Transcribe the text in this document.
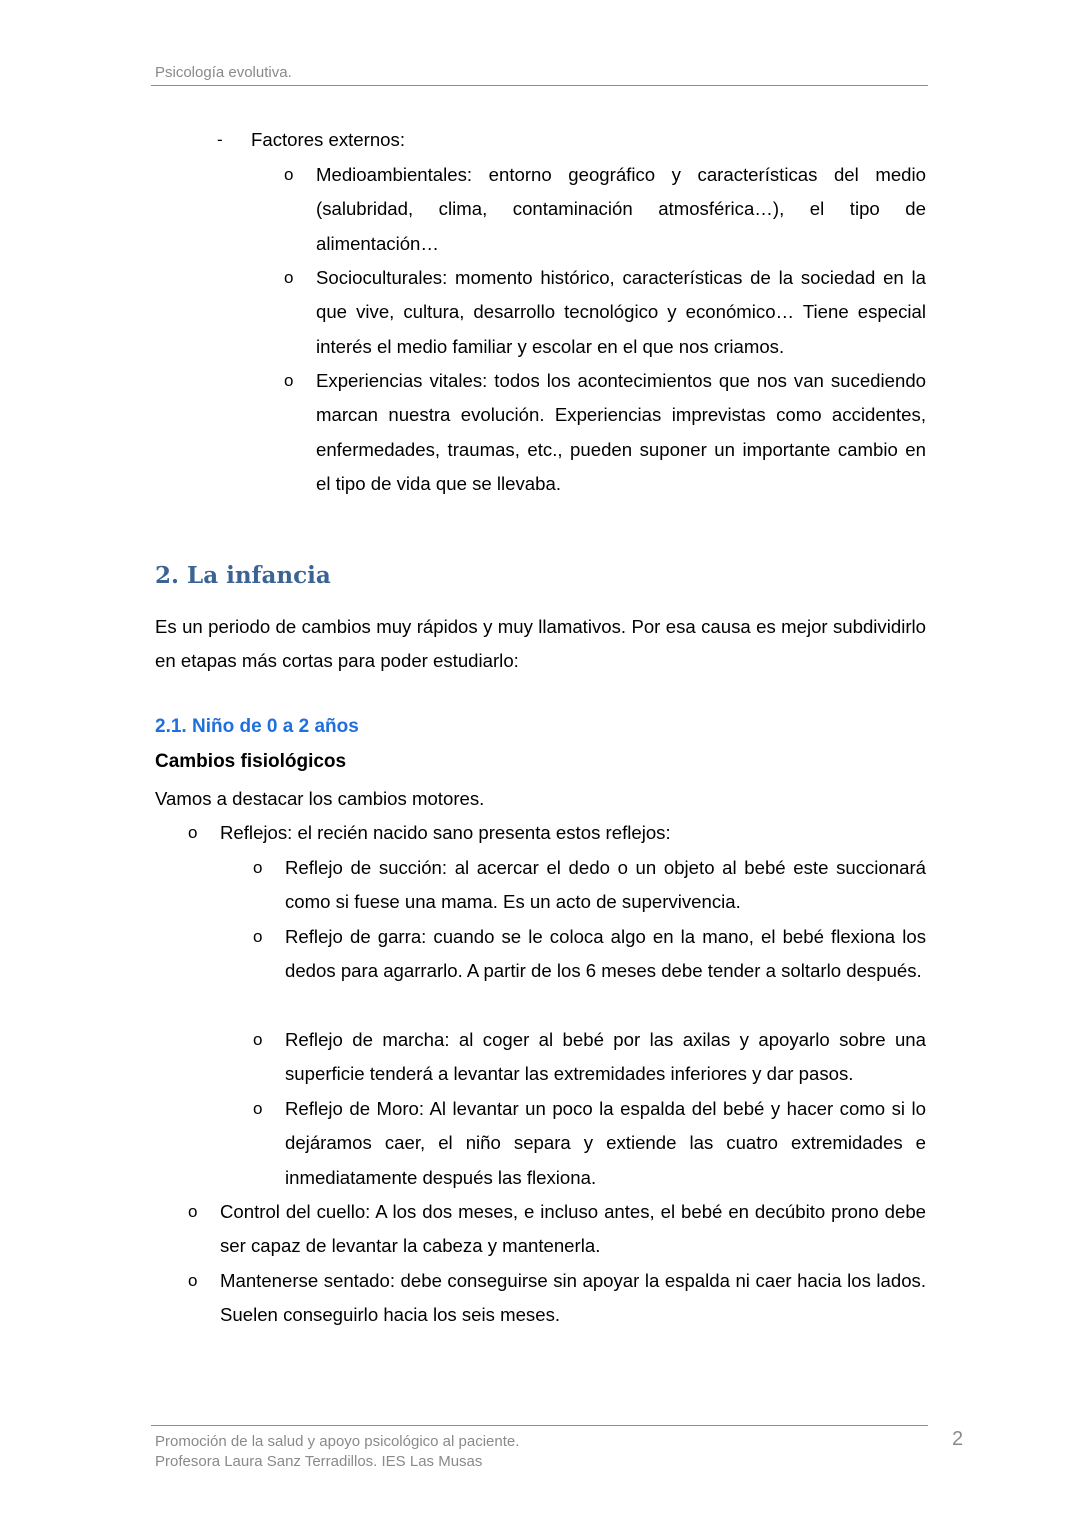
Psicología evolutiva.
- Factores externos:
o Medioambientales: entorno geográfico y características del medio (salubridad, clima, contaminación atmosférica…), el tipo de alimentación…
o Socioculturales: momento histórico, características de la sociedad en la que vive, cultura, desarrollo tecnológico y económico… Tiene especial interés el medio familiar y escolar en el que nos criamos.
o Experiencias vitales: todos los acontecimientos que nos van sucediendo marcan nuestra evolución. Experiencias imprevistas como accidentes, enfermedades, traumas, etc., pueden suponer un importante cambio en el tipo de vida que se llevaba.
2. La infancia
Es un periodo de cambios muy rápidos y muy llamativos. Por esa causa es mejor subdividirlo en etapas más cortas para poder estudiarlo:
2.1. Niño de 0 a 2 años
Cambios fisiológicos
Vamos a destacar los cambios motores.
o Reflejos: el recién nacido sano presenta estos reflejos:
o Reflejo de succión: al acercar el dedo o un objeto al bebé este succionará como si fuese una mama. Es un acto de supervivencia.
o Reflejo de garra: cuando se le coloca algo en la mano, el bebé flexiona los dedos para agarrarlo. A partir de los 6 meses debe tender a soltarlo después.
o Reflejo de marcha: al coger al bebé por las axilas y apoyarlo sobre una superficie tenderá a levantar las extremidades inferiores y dar pasos.
o Reflejo de Moro: Al levantar un poco la espalda del bebé y hacer como si lo dejáramos caer, el niño separa y extiende las cuatro extremidades e inmediatamente después las flexiona.
o Control del cuello: A los dos meses, e incluso antes, el bebé en decúbito prono debe ser capaz de levantar la cabeza y mantenerla.
o Mantenerse sentado: debe conseguirse sin apoyar la espalda ni caer hacia los lados. Suelen conseguirlo hacia los seis meses.
Promoción de la salud y apoyo psicológico al paciente.
Profesora Laura Sanz Terradillos. IES Las Musas
2
